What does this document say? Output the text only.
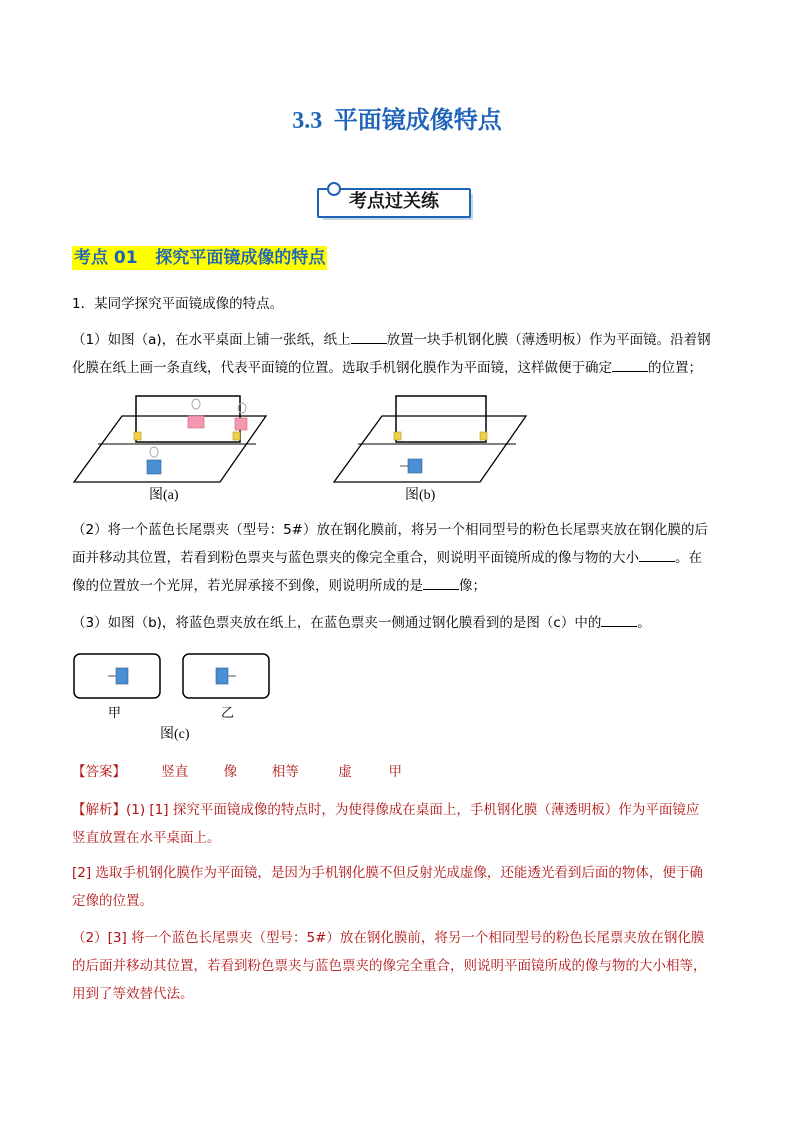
3.3 平面镜成像特点
考点过关练
考点 01 探究平面镜成像的特点
1．某同学探究平面镜成像的特点。
（1）如图（a)，在水平桌面上铺一张纸，纸上	放置一块手机钢化膜（薄透明板）作为平面镜。沿着钢
化膜在纸上画一条直线，代表平面镜的位置。选取手机钢化膜作为平面镜，这样做便于确定	的位置；
图(a)	图(b)
（2）将一个蓝色长尾票夹（型号：5#）放在钢化膜前，将另一个相同型号的粉色长尾票夹放在钢化膜的后
面并移动其位置，若看到粉色票夹与蓝色票夹的像完全重合，则说明平面镜所成的像与物的大小	。在
像的位置放一个光屏，若光屏承接不到像，则说明所成的是	像；
（3）如图（b)，将蓝色票夹放在纸上，在蓝色票夹一侧通过钢化膜看到的是图（c）中的	。
甲	乙
图(c)
【答案】	竖直	像	相等	虚	甲
【解析】(1) [1] 探究平面镜成像的特点时，为使得像成在桌面上，手机钢化膜（薄透明板）作为平面镜应
竖直放置在水平桌面上。
[2] 选取手机钢化膜作为平面镜，是因为手机钢化膜不但反射光成虚像，还能透光看到后面的物体，便于确
定像的位置。
（2）[3] 将一个蓝色长尾票夹（型号：5#）放在钢化膜前，将另一个相同型号的粉色长尾票夹放在钢化膜
的后面并移动其位置，若看到粉色票夹与蓝色票夹的像完全重合，则说明平面镜所成的像与物的大小相等，
用到了等效替代法。
